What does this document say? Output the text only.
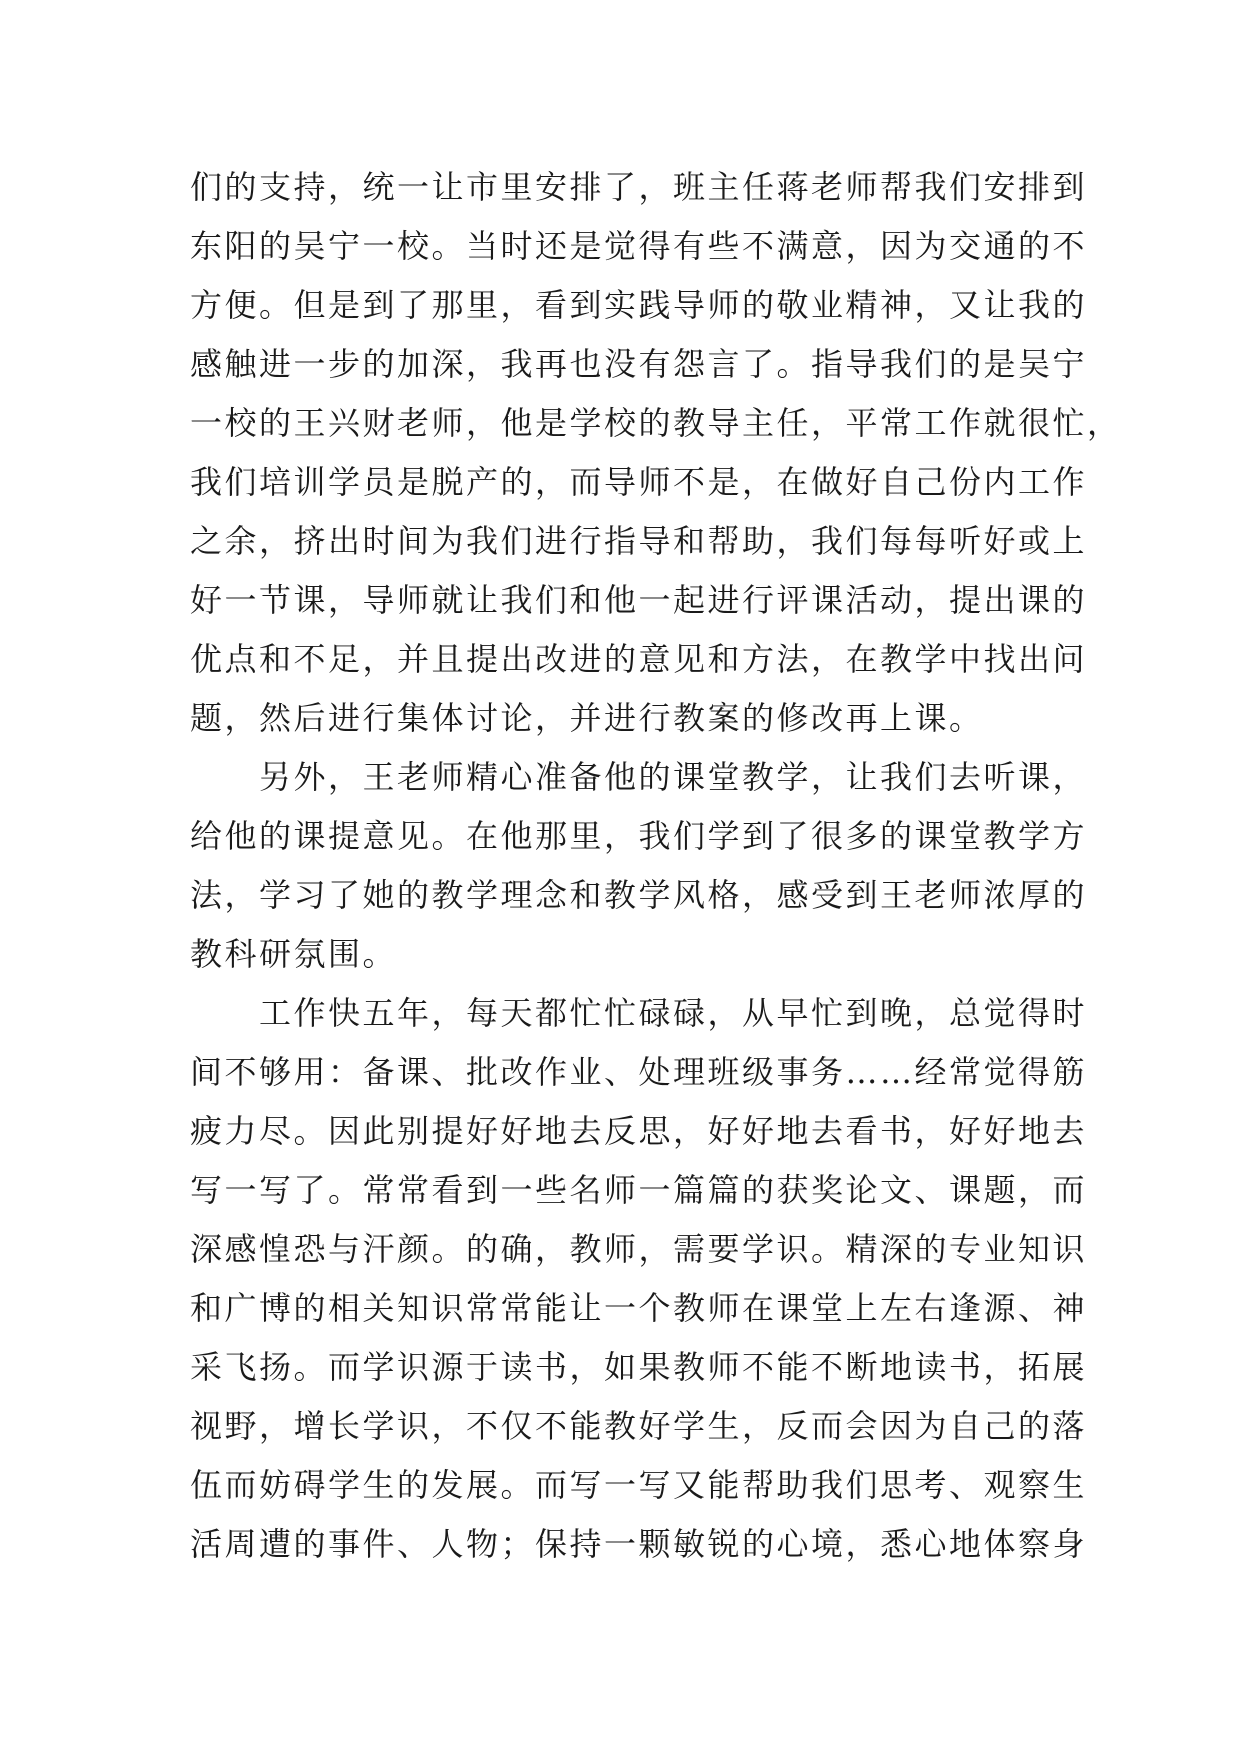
们的支持，统一让市里安排了，班主任蒋老师帮我们安排到
东阳的吴宁一校。当时还是觉得有些不满意，因为交通的不
方便。但是到了那里，看到实践导师的敬业精神，又让我的
感触进一步的加深，我再也没有怨言了。指导我们的是吴宁
一校的王兴财老师，他是学校的教导主任，平常工作就很忙，
我们培训学员是脱产的，而导师不是，在做好自己份内工作
之余，挤出时间为我们进行指导和帮助，我们每每听好或上
好一节课，导师就让我们和他一起进行评课活动，提出课的
优点和不足，并且提出改进的意见和方法，在教学中找出问
题，然后进行集体讨论，并进行教案的修改再上课。
　　另外，王老师精心准备他的课堂教学，让我们去听课，
给他的课提意见。在他那里，我们学到了很多的课堂教学方
法，学习了她的教学理念和教学风格，感受到王老师浓厚的
教科研氛围。
　　工作快五年，每天都忙忙碌碌，从早忙到晚，总觉得时
间不够用：备课、批改作业、处理班级事务……经常觉得筋
疲力尽。因此别提好好地去反思，好好地去看书，好好地去
写一写了。常常看到一些名师一篇篇的获奖论文、课题，而
深感惶恐与汗颜。的确，教师，需要学识。精深的专业知识
和广博的相关知识常常能让一个教师在课堂上左右逢源、神
采飞扬。而学识源于读书，如果教师不能不断地读书，拓展
视野，增长学识，不仅不能教好学生，反而会因为自己的落
伍而妨碍学生的发展。而写一写又能帮助我们思考、观察生
活周遭的事件、人物；保持一颗敏锐的心境，悉心地体察身
